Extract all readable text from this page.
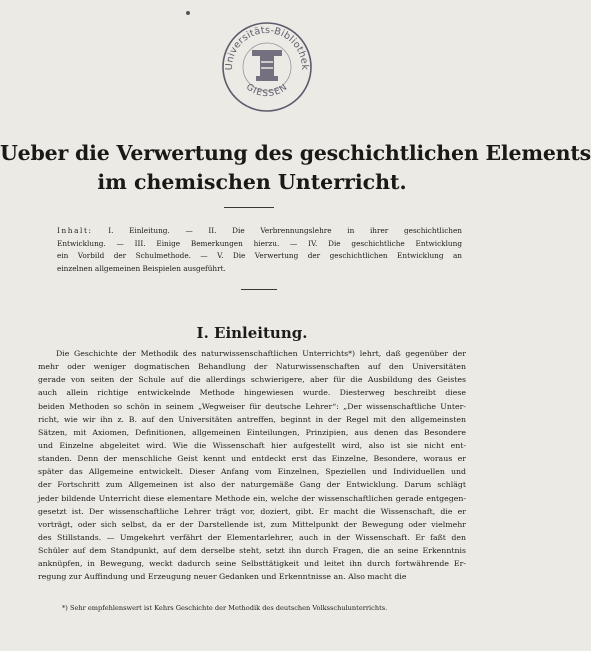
Universitäts-Bibliothek
GIESSEN
Ueber die Verwertung des geschichtlichen Elements
im chemischen Unterricht.
Inhalt: I. Einleitung. — II. Die Verbrennungslehre in ihrer geschichtlichen
Entwicklung. — III. Einige Bemerkungen hierzu. — IV. Die geschichtliche Entwicklung
ein Vorbild der Schulmethode. — V. Die Verwertung der geschichtlichen Entwicklung an
einzelnen allgemeinen Beispielen ausgeführt.
I. Einleitung.
Die Geschichte der Methodik des naturwissenschaftlichen Unterrichts*) lehrt, daß gegenüber der
mehr oder weniger dogmatischen Behandlung der Naturwissenschaften auf den Universitäten
gerade von seiten der Schule auf die allerdings schwierigere, aber für die Ausbildung des Geistes
auch allein richtige entwickelnde Methode hingewiesen wurde. Diesterweg beschreibt diese
beiden Methoden so schön in seinem „Wegweiser für deutsche Lehrer“: „Der wissenschaftliche Unter-
richt, wie wir ihn z. B. auf den Universitäten antreffen, beginnt in der Regel mit den allgemeinsten
Sätzen, mit Axiomen, Definitionen, allgemeinen Einteilungen, Prinzipien, aus denen das Besondere
und Einzelne abgeleitet wird. Wie die Wissenschaft hier aufgestellt wird, also ist sie nicht ent-
standen. Denn der menschliche Geist kennt und entdeckt erst das Einzelne, Besondere, woraus er
später das Allgemeine entwickelt. Dieser Anfang vom Einzelnen, Speziellen und Individuellen und
der Fortschritt zum Allgemeinen ist also der naturgemäße Gang der Entwicklung. Darum schlägt
jeder bildende Unterricht diese elementare Methode ein, welche der wissenschaftlichen gerade entgegen-
gesetzt ist. Der wissenschaftliche Lehrer trägt vor, doziert, gibt. Er macht die Wissenschaft, die er
vorträgt, oder sich selbst, da er der Darstellende ist, zum Mittelpunkt der Bewegung oder vielmehr
des Stillstands. — Umgekehrt verfährt der Elementarlehrer, auch in der Wissenschaft. Er faßt den
Schüler auf dem Standpunkt, auf dem derselbe steht, setzt ihn durch Fragen, die an seine Erkenntnis
anknüpfen, in Bewegung, weckt dadurch seine Selbsttätigkeit und leitet ihn durch fortwährende Er-
regung zur Auffindung und Erzeugung neuer Gedanken und Erkenntnisse an. Also macht die
*) Sehr empfehlenswert ist Kehrs Geschichte der Methodik des deutschen Volksschulunterrichts.
